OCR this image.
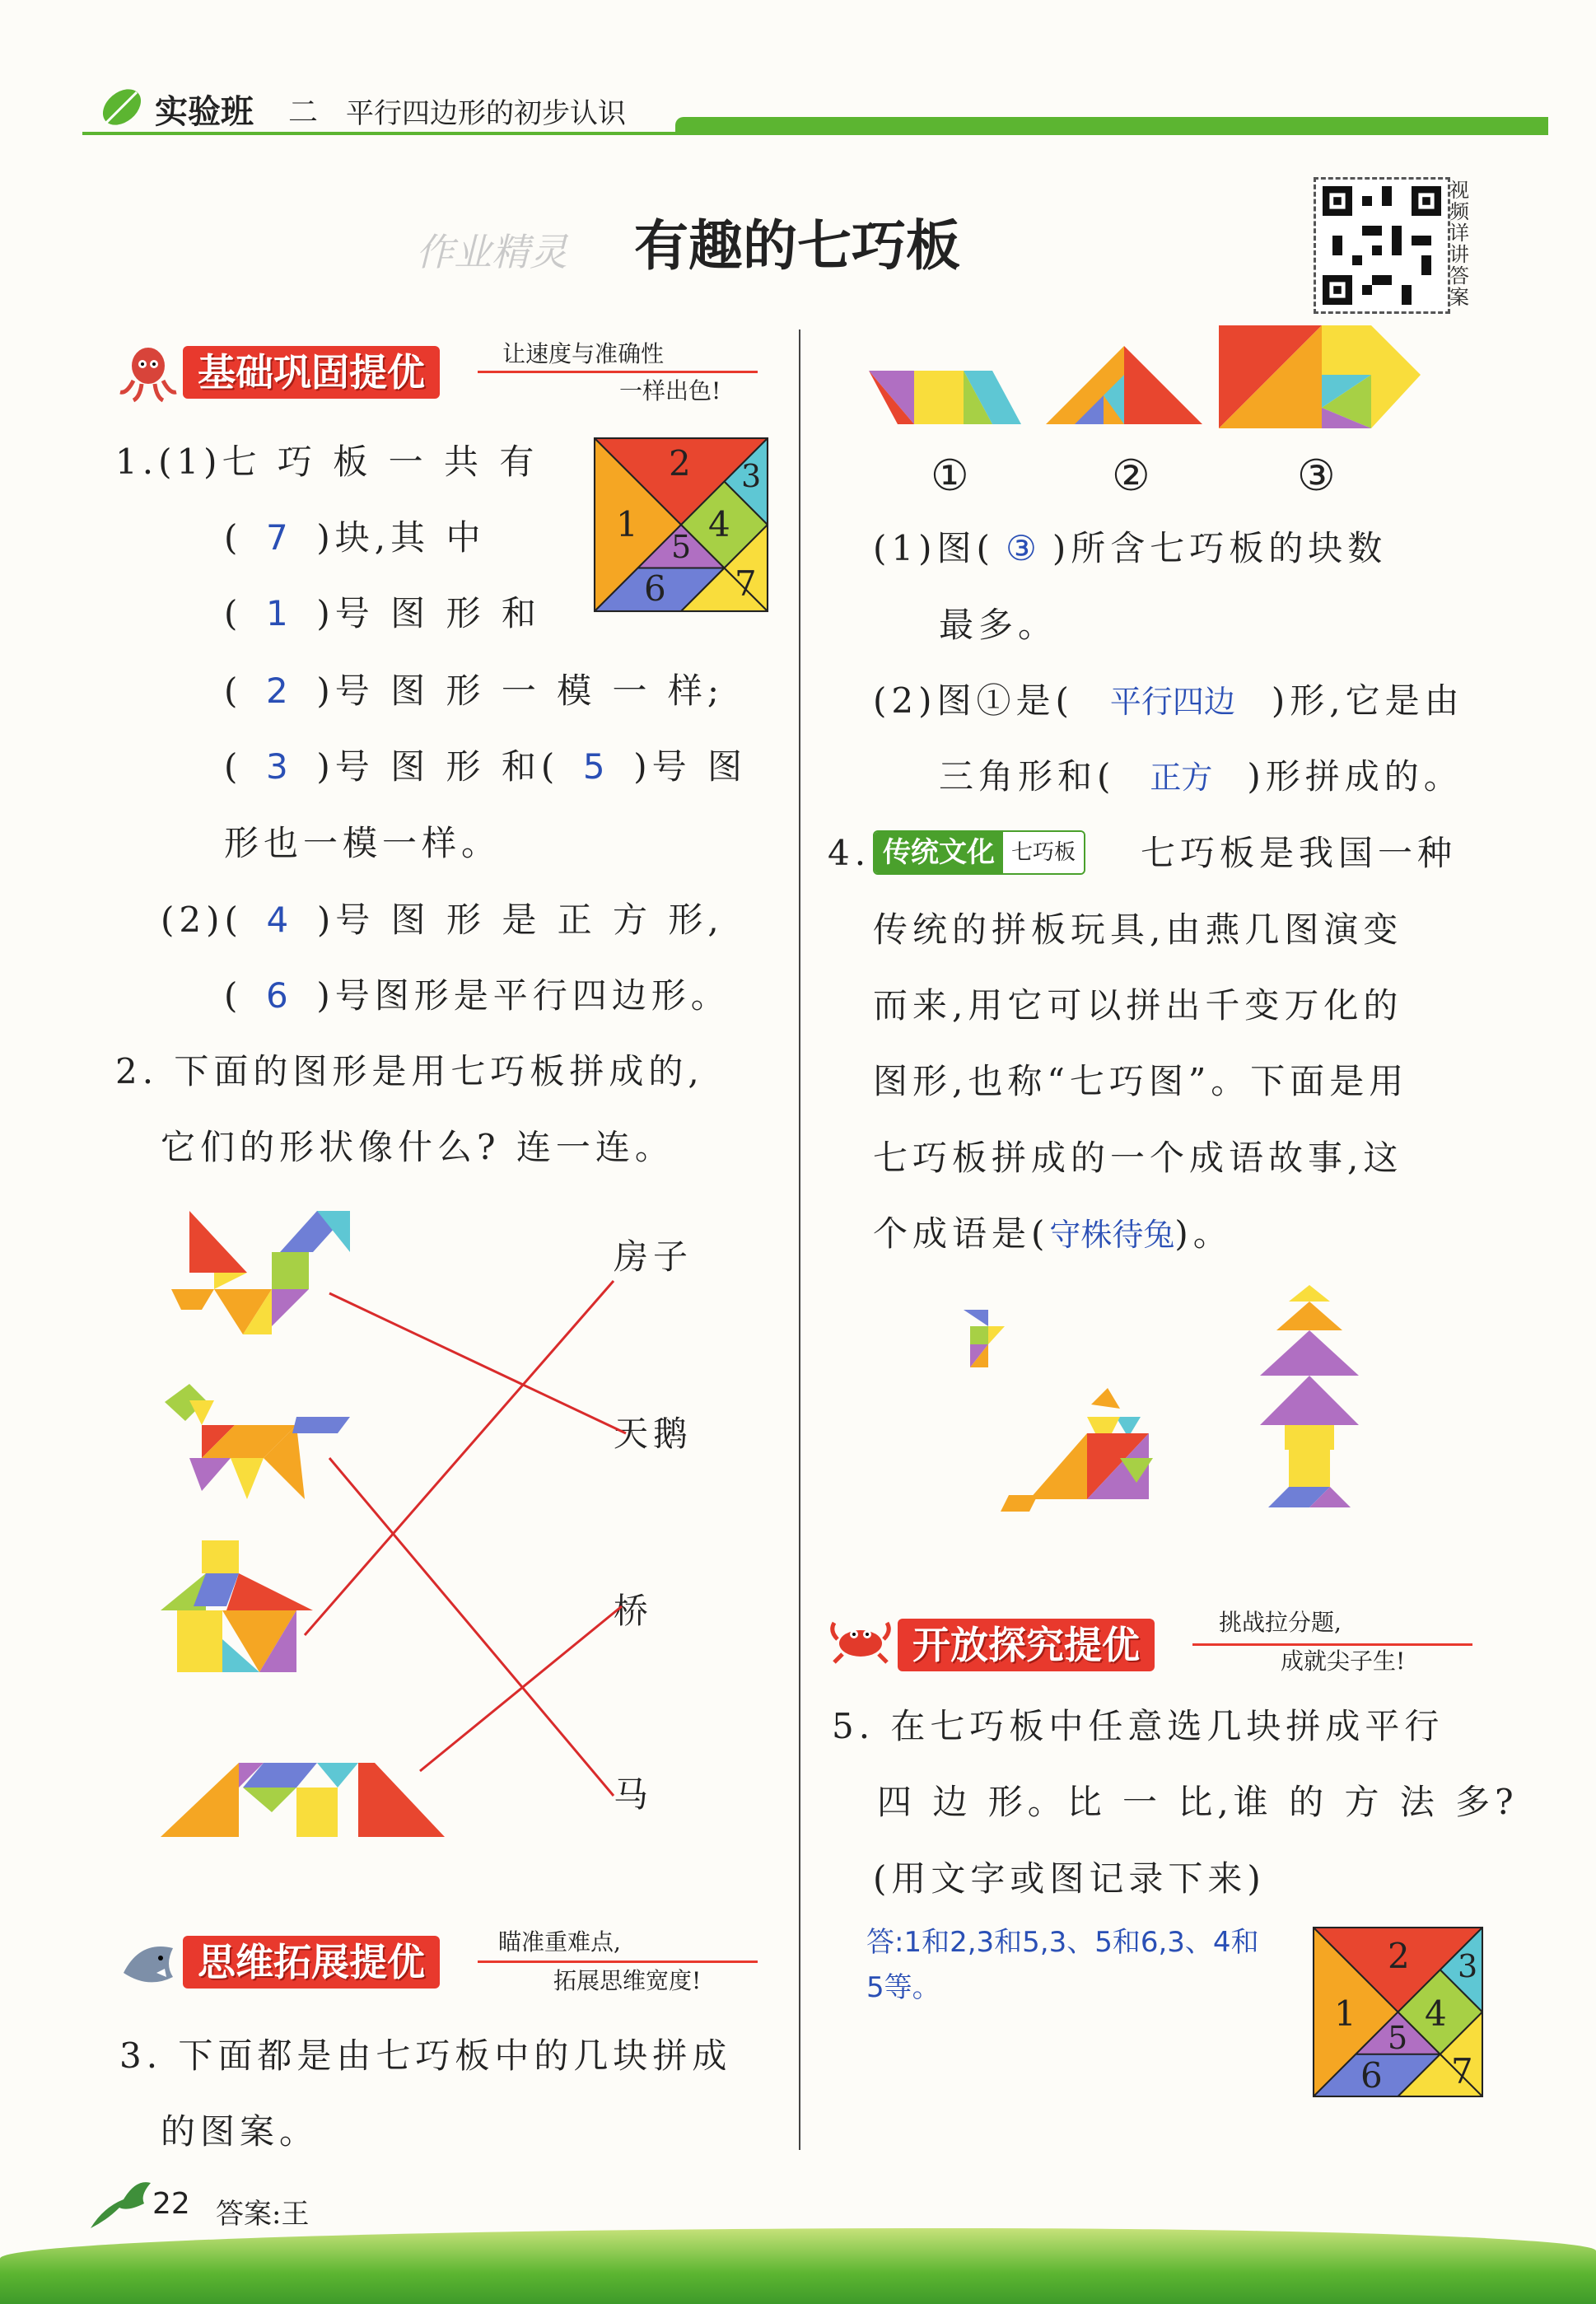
实验班 二 平行四边形的初步认识
作业精灵 有趣的七巧板
视频详讲答案
基础巩固提优	让速度与准确性
一样出色!
1.(1)七 巧 板 一 共 有
( 7 )块,其 中
( 1 )号 图 形 和
( 2 )号 图 形 一 模 一 样;
( 3 )号 图 形 和( 5 )号 图
形也一模一样。
(2)( 4 )号 图 形 是 正 方 形,
( 6 )号图形是平行四边形。
1
2 3
4
5
6 7
2. 下面的图形是用七巧板拼成的,
它们的形状像什么? 连一连。
房子
天鹅
桥
马
思维拓展提优	瞄准重难点,
拓展思维宽度!
3. 下面都是由七巧板中的几块拼成
的图案。
①	②	③
(1)图( ③ )所含七巧板的块数
最多。
(2)图①是( 平行四边 )形,它是由
三角形和( 正方 )形拼成的。
4. 传统文化 七巧板 七巧板是我国一种
传统的拼板玩具,由燕几图演变
而来,用它可以拼出千变万化的
图形,也称“七巧图”。下面是用
七巧板拼成的一个成语故事,这
个成语是(守株待兔)。
开放探究提优
挑战拉分题,
成就尖子生!
5. 在七巧板中任意选几块拼成平行
四 边 形。比 一 比,谁 的 方 法 多?
(用文字或图记录下来)
答:1和2,3和5,3、5和6,3、4和
5等。
1
2 3
4
5
6 7
22 答案:王
